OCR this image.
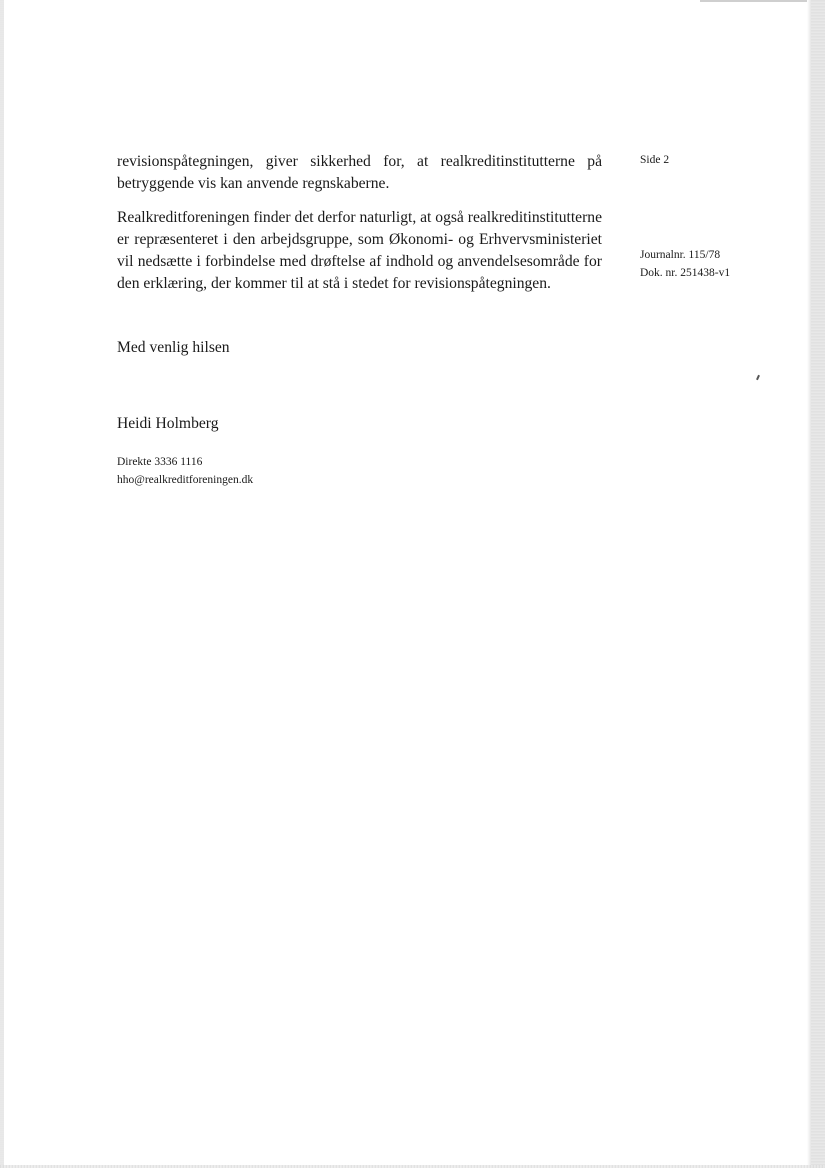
revisionspåtegningen, giver sikkerhed for, at realkreditinstitutterne på betryggende vis kan anvende regnskaberne.
Realkreditforeningen finder det derfor naturligt, at også realkreditinstitutterne er repræsenteret i den arbejdsgruppe, som Økonomi- og Erhvervsministeriet vil nedsætte i forbindelse med drøftelse af indhold og anvendelsesområde for den erklæring, der kommer til at stå i stedet for revisionspåtegningen.
Med venlig hilsen
Heidi Holmberg
Direkte 3336 1116
hho@realkreditforeningen.dk
Side 2
Journalnr. 115/78
Dok. nr. 251438-v1
